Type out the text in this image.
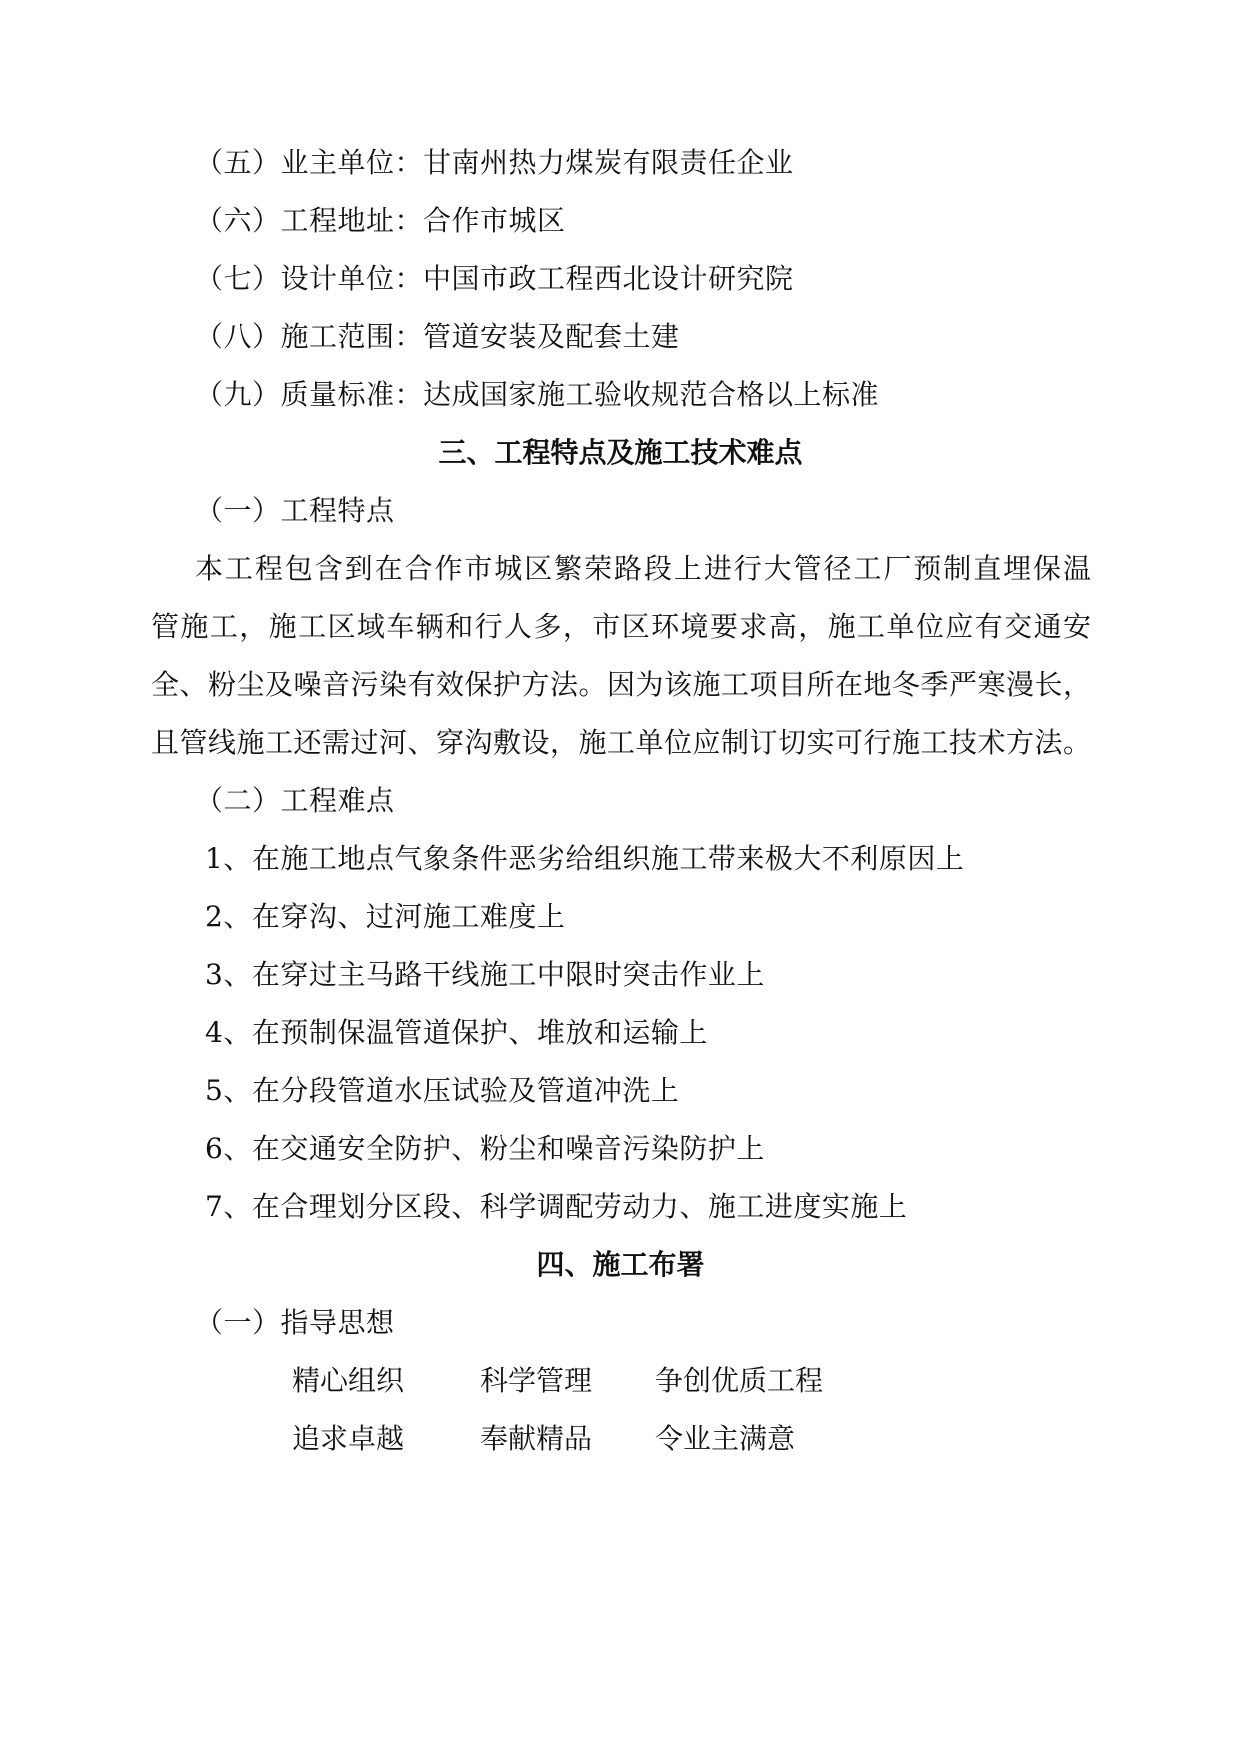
（五）业主单位：甘南州热力煤炭有限责任企业
（六）工程地址：合作市城区
（七）设计单位：中国市政工程西北设计研究院
（八）施工范围：管道安装及配套土建
（九）质量标准：达成国家施工验收规范合格以上标准
三、工程特点及施工技术难点
（一）工程特点
本工程包含到在合作市城区繁荣路段上进行大管径工厂预制直埋保温
管施工，施工区域车辆和行人多，市区环境要求高，施工单位应有交通安
全、粉尘及噪音污染有效保护方法。因为该施工项目所在地冬季严寒漫长，
且管线施工还需过河、穿沟敷设，施工单位应制订切实可行施工技术方法。
（二）工程难点
1、在施工地点气象条件恶劣给组织施工带来极大不利原因上
2、在穿沟、过河施工难度上
3、在穿过主马路干线施工中限时突击作业上
4、在预制保温管道保护、堆放和运输上
5、在分段管道水压试验及管道冲洗上
6、在交通安全防护、粉尘和噪音污染防护上
7、在合理划分区段、科学调配劳动力、施工进度实施上
四、施工布署
（一）指导思想
精心组织	科学管理 争创优质工程
追求卓越	奉献精品 令业主满意
